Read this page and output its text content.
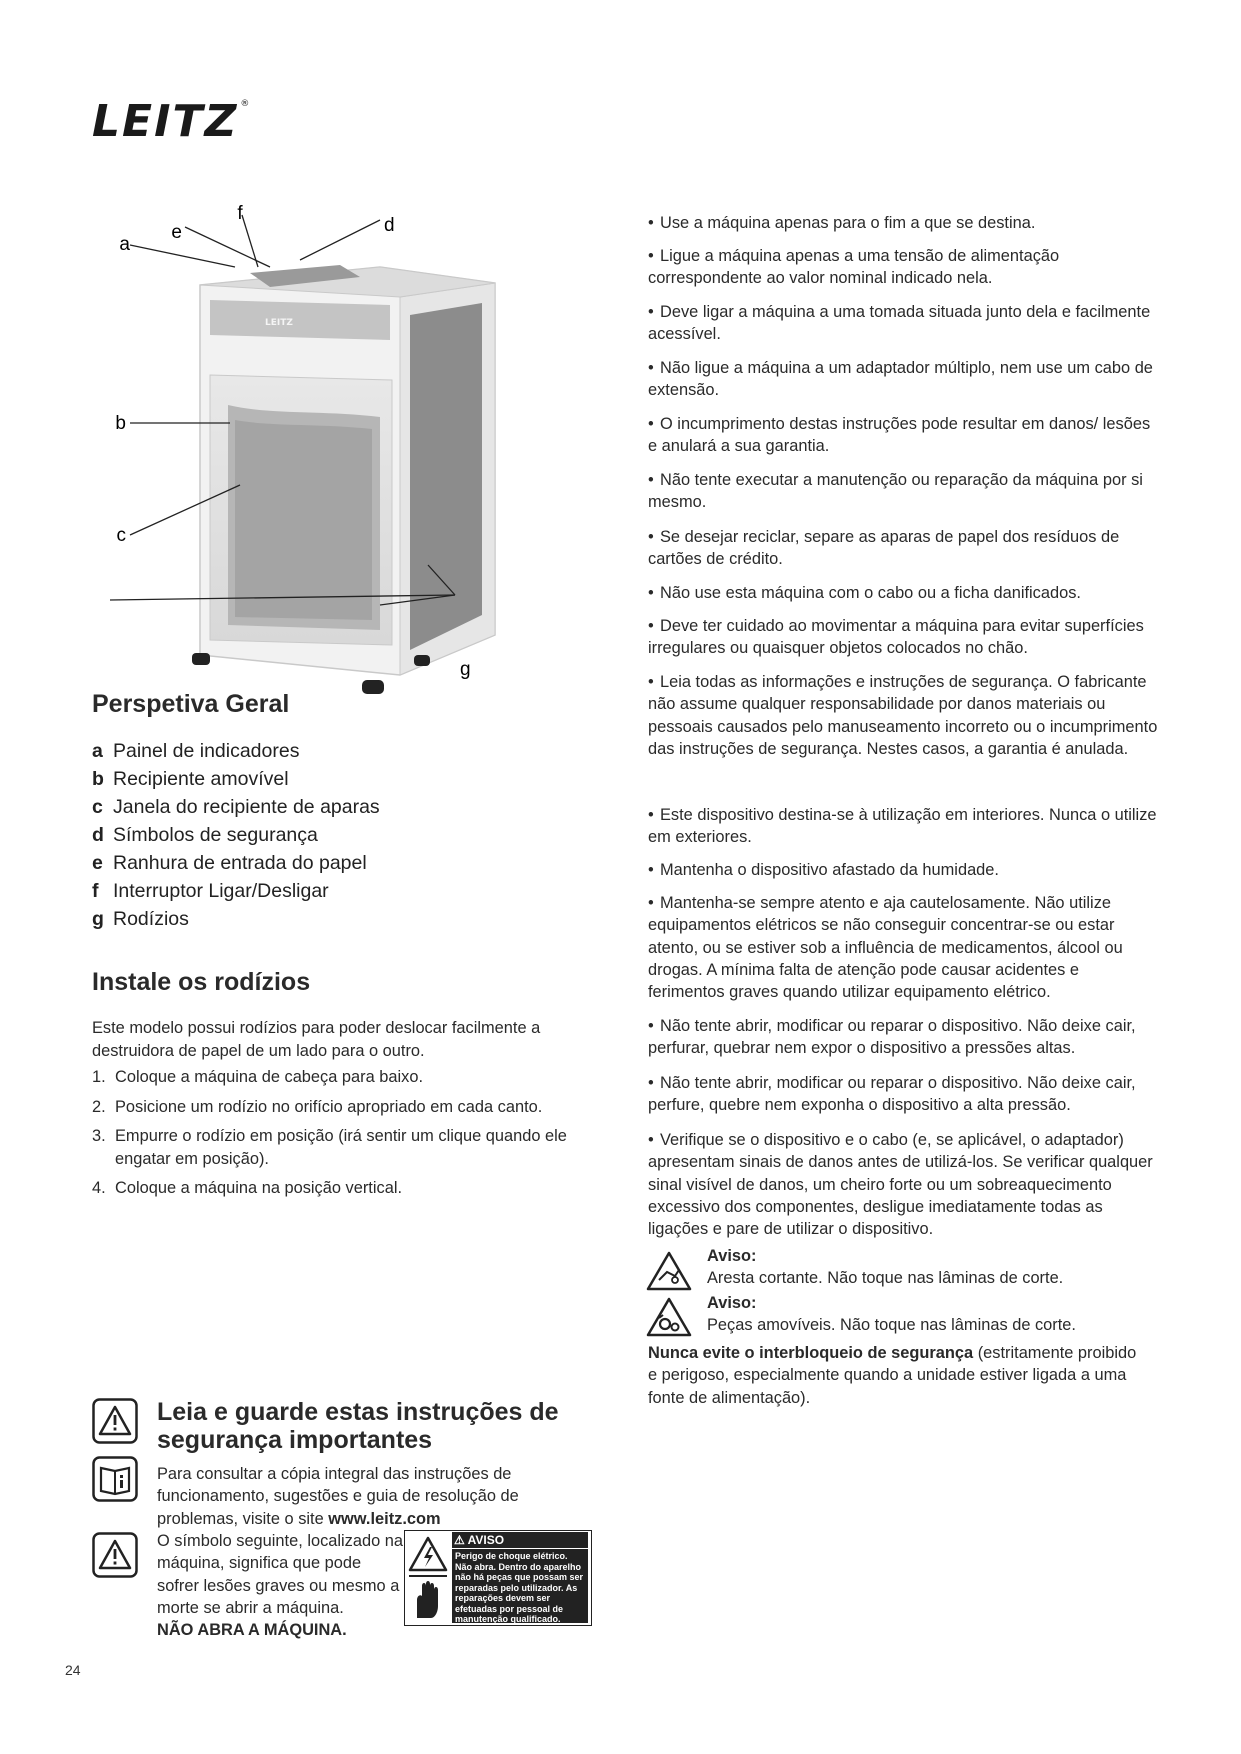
LEITZ ®
LEITZ
a
b
c
d
e
f
g
Perspetiva Geral
a Painel de indicadores
b Recipiente amovível
c Janela do recipiente de aparas
d Símbolos de segurança
e Ranhura de entrada do papel
f Interruptor Ligar/Desligar
g Rodízios
Instale os rodízios
Este modelo possui rodízios para poder deslocar facilmente a destruidora de papel de um lado para o outro.
1. Coloque a máquina de cabeça para baixo.
2. Posicione um rodízio no orifício apropriado em cada canto.
3. Empurre o rodízio em posição (irá sentir um clique quando ele engatar em posição).
4. Coloque a máquina na posição vertical.
Leia e guarde estas instruções de segurança importantes
Para consultar a cópia integral das instruções de funcionamento, sugestões e guia de resolução de problemas, visite o site www.leitz.com
O símbolo seguinte, localizado na máquina, significa que pode sofrer lesões graves ou mesmo a morte se abrir a máquina.
NÃO ABRA A MÁQUINA.
⚠ AVISO
Perigo de choque elétrico. Não abra. Dentro do aparelho não há peças que possam ser reparadas pelo utilizador. As reparações devem ser efetuadas por pessoal de manutenção qualificado.
• Use a máquina apenas para o fim a que se destina.
• Ligue a máquina apenas a uma tensão de alimentação correspondente ao valor nominal indicado nela.
• Deve ligar a máquina a uma tomada situada junto dela e facilmente acessível.
• Não ligue a máquina a um adaptador múltiplo, nem use um cabo de extensão.
• O incumprimento destas instruções pode resultar em danos/ lesões e anulará a sua garantia.
• Não tente executar a manutenção ou reparação da máquina por si mesmo.
• Se desejar reciclar, separe as aparas de papel dos resíduos de cartões de crédito.
• Não use esta máquina com o cabo ou a ficha danificados.
• Deve ter cuidado ao movimentar a máquina para evitar superfícies irregulares ou quaisquer objetos colocados no chão.
• Leia todas as informações e instruções de segurança. O fabricante não assume qualquer responsabilidade por danos materiais ou pessoais causados pelo manuseamento incorreto ou o incumprimento das instruções de segurança. Nestes casos, a garantia é anulada.
• Este dispositivo destina-se à utilização em interiores. Nunca o utilize em exteriores.
• Mantenha o dispositivo afastado da humidade.
• Mantenha-se sempre atento e aja cautelosamente. Não utilize equipamentos elétricos se não conseguir concentrar-se ou estar atento, ou se estiver sob a influência de medicamentos, álcool ou drogas. A mínima falta de atenção pode causar acidentes e ferimentos graves quando utilizar equipamento elétrico.
• Não tente abrir, modificar ou reparar o dispositivo. Não deixe cair, perfurar, quebrar nem expor o dispositivo a pressões altas.
• Não tente abrir, modificar ou reparar o dispositivo. Não deixe cair, perfure, quebre nem exponha o dispositivo a alta pressão.
• Verifique se o dispositivo e o cabo (e, se aplicável, o adaptador) apresentam sinais de danos antes de utilizá-los. Se verificar qualquer sinal visível de danos, um cheiro forte ou um sobreaquecimento excessivo dos componentes, desligue imediatamente todas as ligações e pare de utilizar o dispositivo.
Aviso:
Aresta cortante. Não toque nas lâminas de corte.
Aviso:
Peças amovíveis. Não toque nas lâminas de corte.
Nunca evite o interbloqueio de segurança (estritamente proibido e perigoso, especialmente quando a unidade estiver ligada a uma fonte de alimentação).
24
